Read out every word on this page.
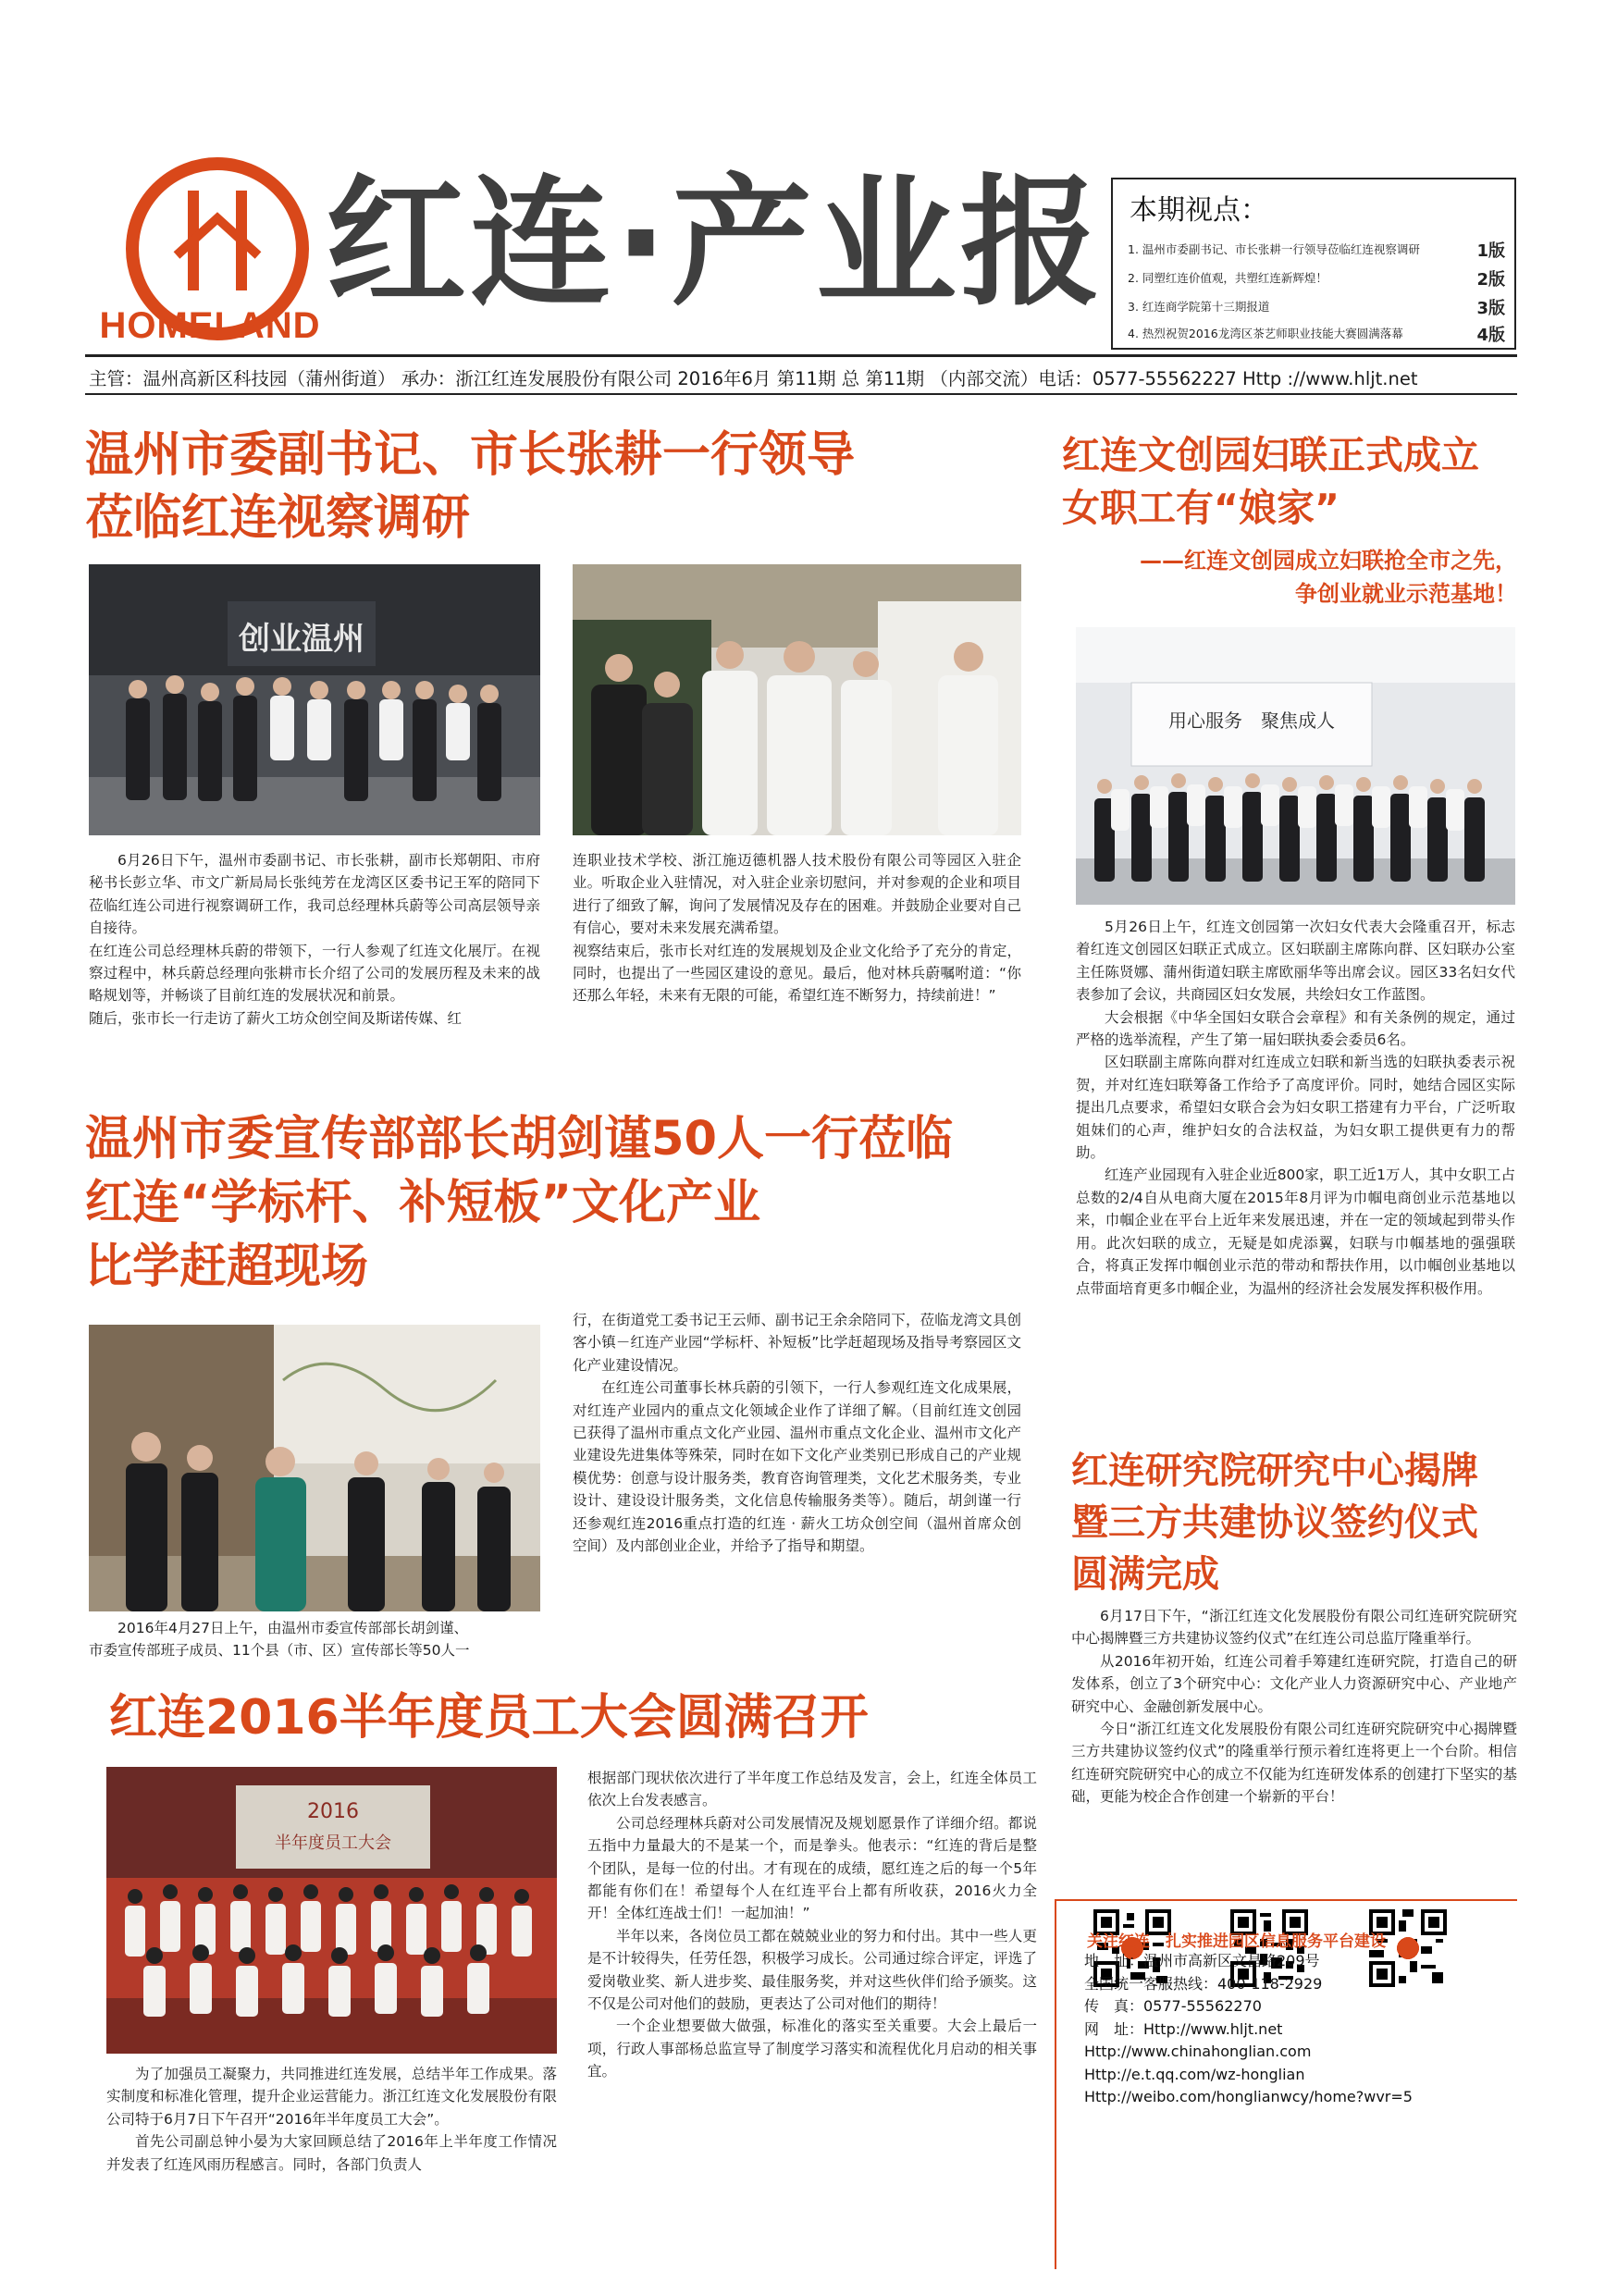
HOMELAND
红连·产业报 本期视点：
1. 温州市委副书记、市长张耕一行领导莅临红连视察调研	1版
2. 同塑红连价值观，共塑红连新辉煌！	2版
3. 红连商学院第十三期报道	3版
4. 热烈祝贺2016龙湾区茶艺师职业技能大赛圆满落幕	4版
主管：温州高新区科技园（蒲州街道） 承办：浙江红连发展股份有限公司 2016年6月 第11期 总 第11期 （内部交流）电话：0577-55562227 Http ://www.hljt.net
温州市委副书记、市长张耕一行领导
莅临红连视察调研
创业温州

6月26日下午，温州市委副书记、市长张耕，副市长郑朝阳、市府秘书长彭立华、市文广新局局长张纯芳在龙湾区区委书记王军的陪同下莅临红连公司进行视察调研工作，我司总经理林兵蔚等公司高层领导亲自接待。

在红连公司总经理林兵蔚的带领下，一行人参观了红连文化展厅。在视察过程中，林兵蔚总经理向张耕市长介绍了公司的发展历程及未来的战略规划等，并畅谈了目前红连的发展状况和前景。

随后，张市长一行走访了薪火工坊众创空间及斯诺传媒、红

连职业技术学校、浙江施迈德机器人技术股份有限公司等园区入驻企业。听取企业入驻情况，对入驻企业亲切慰问，并对参观的企业和项目进行了细致了解，询问了发展情况及存在的困难。并鼓励企业要对自己有信心，要对未来发展充满希望。

视察结束后，张市长对红连的发展规划及企业文化给予了充分的肯定，同时，也提出了一些园区建设的意见。最后，他对林兵蔚嘱咐道：“你还那么年轻，未来有无限的可能，希望红连不断努力，持续前进！”

红连文创园妇联正式成立
女职工有“娘家”
——红连文创园成立妇联抢全市之先，
争创业就业示范基地！
用心服务　聚焦成人

5月26日上午，红连文创园第一次妇女代表大会隆重召开，标志着红连文创园区妇联正式成立。区妇联副主席陈向群、区妇联办公室主任陈贤娜、蒲州街道妇联主席欧丽华等出席会议。园区33名妇女代表参加了会议，共商园区妇女发展，共绘妇女工作蓝图。

大会根据《中华全国妇女联合会章程》和有关条例的规定，通过严格的选举流程，产生了第一届妇联执委会委员6名。

区妇联副主席陈向群对红连成立妇联和新当选的妇联执委表示祝贺，并对红连妇联筹备工作给予了高度评价。同时，她结合园区实际提出几点要求，希望妇女联合会为妇女职工搭建有力平台，广泛听取姐妹们的心声，维护妇女的合法权益，为妇女职工提供更有力的帮助。

红连产业园现有入驻企业近800家，职工近1万人，其中女职工占总数的2/4自从电商大厦在2015年8月评为巾帼电商创业示范基地以来，巾帼企业在平台上近年来发展迅速，并在一定的领域起到带头作用。此次妇联的成立，无疑是如虎添翼，妇联与巾帼基地的强强联合，将真正发挥巾帼创业示范的带动和帮扶作用，以巾帼创业基地以点带面培育更多巾帼企业，为温州的经济社会发展发挥积极作用。

温州市委宣传部部长胡剑谨50人一行莅临
红连“学标杆、补短板”文化产业
比学赶超现场

2016年4月27日上午，由温州市委宣传部部长胡剑谨、

市委宣传部班子成员、11个县（市、区）宣传部长等50人一

行，在街道党工委书记王云师、副书记王余余陪同下，莅临龙湾文具创客小镇－红连产业园“学标杆、补短板”比学赶超现场及指导考察园区文化产业建设情况。

在红连公司董事长林兵蔚的引领下，一行人参观红连文化成果展，对红连产业园内的重点文化领域企业作了详细了解。（目前红连文创园已获得了温州市重点文化产业园、温州市重点文化企业、温州市文化产业建设先进集体等殊荣，同时在如下文化产业类别已形成自己的产业规模优势：创意与设计服务类，教育咨询管理类，文化艺术服务类，专业设计、建设设计服务类，文化信息传输服务类等）。随后，胡剑谨一行还参观红连2016重点打造的红连 · 薪火工坊众创空间（温州首席众创空间）及内部创业企业，并给予了指导和期望。

红连研究院研究中心揭牌
暨三方共建协议签约仪式
圆满完成

6月17日下午，“浙江红连文化发展股份有限公司红连研究院研究中心揭牌暨三方共建协议签约仪式”在红连公司总监厅隆重举行。

从2016年初开始，红连公司着手筹建红连研究院，打造自己的研发体系，创立了3个研究中心：文化产业人力资源研究中心、产业地产研究中心、金融创新发展中心。

今日“浙江红连文化发展股份有限公司红连研究院研究中心揭牌暨三方共建协议签约仪式”的隆重举行预示着红连将更上一个台阶。相信红连研究院研究中心的成立不仅能为红连研发体系的创建打下坚实的基础，更能为校企合作创建一个崭新的平台！

红连2016半年度员工大会圆满召开
2016
半年度员工大会

为了加强员工凝聚力，共同推进红连发展，总结半年工作成果。落实制度和标准化管理，提升企业运营能力。浙江红连文化发展股份有限公司特于6月7日下午召开“2016年半年度员工大会”。

首先公司副总钟小晏为大家回顾总结了2016年上半年度工作情况并发表了红连风雨历程感言。同时，各部门负责人

根据部门现状依次进行了半年度工作总结及发言，会上，红连全体员工依次上台发表感言。

公司总经理林兵蔚对公司发展情况及规划愿景作了详细介绍。都说五指中力量最大的不是某一个，而是拳头。他表示：“红连的背后是整个团队，是每一位的付出。才有现在的成绩，愿红连之后的每一个5年都能有你们在！希望每个人在红连平台上都有所收获，2016火力全开！全体红连战士们！一起加油！”

半年以来，各岗位员工都在兢兢业业的努力和付出。其中一些人更是不计较得失，任劳任怨，积极学习成长。公司通过综合评定，评选了爱岗敬业奖、新人进步奖、最佳服务奖，并对这些伙伴们给予颁奖。这不仅是公司对他们的鼓励，更表达了公司对他们的期待！

一个企业想要做大做强，标准化的落实至关重要。大会上最后一项，行政人事部杨总监宣导了制度学习落实和流程优化月启动的相关事宜。

关注红连　扎实推进园区信息服务平台建设
地　址：温州市高新区文昌路209号
全国统一客服热线：400-118-2929
传　真：0577-55562270
网　址：Http://www.hljt.net
Http://www.chinahonglian.com
Http://e.t.qq.com/wz-honglian
Http://weibo.com/honglianwcy/home?wvr=5
